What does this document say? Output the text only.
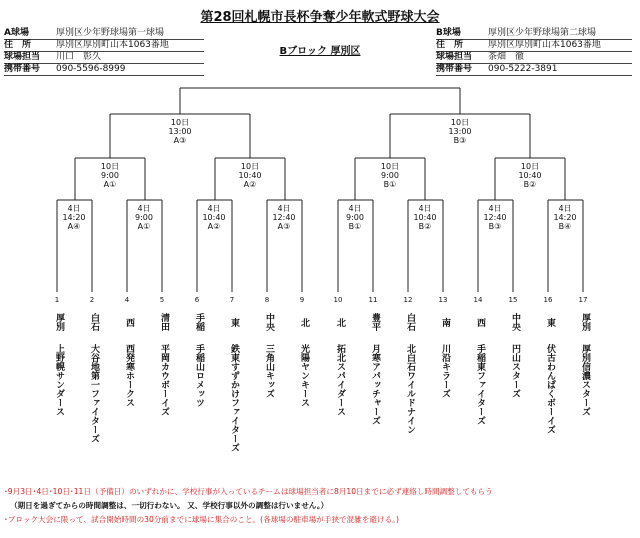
第28回札幌市長杯争奪少年軟式野球大会
A球場	厚別区少年野球場第一球場
住　所	厚別区厚別町山本1063番地
球場担当	川口　彰久
携帯番号	090-5596-8999
Bブロック 厚別区
B球場	厚別区少年野球場第二球場
住　所	厚別区厚別町山本1063番地
球場担当	茶畑　徹
携帯番号	090-5222-3891
10日
13:00
A③
10日
13:00
B③
10日
9:00
A①
10日
10:40
A②
10日
9:00
B①
10日
10:40
B②
4日
14:20
A④
4日
9:00
A①
4日
10:40
A②
4日
12:40
A③
4日
9:00
B①
4日
10:40
B②
4日
12:40
B③
4日
14:20
B④
1
厚別
上野幌サンダース
2
白石
大谷地第一ファイターズ
4
西
西発寒ホークス
5
清田
平岡カウボーイズ
6
手稲
手稲山ロメッツ
7
東
鉄東すずかけファイターズ
8
中央
三角山キッズ
9
北
光陽ヤンキース
10
北
拓北スパイダース
11
豊平
月寒アパッチャーズ
12
白石
北白石ワイルドナイン
13
南
川沿キラーズ
14
西
手稲東ファイターズ
15
中央
円山スターズ
16
東
伏古わんぱくボーイズ
17
厚別
厚別信濃スターズ
･9月3日･4日･10日･11日（予備日）のいずれかに、学校行事が入っているチームは球場担当者に8月10日までに必ず連絡し時間調整してもらう
（期日を過ぎてからの時間調整は、一切行わない。 又、学校行事以外の調整は行いません。）
･ブロック大会に限って、試合開始時間の30分前までに球場に集合のこと。(各球場の駐車場が手狭で混雑を避ける。)
